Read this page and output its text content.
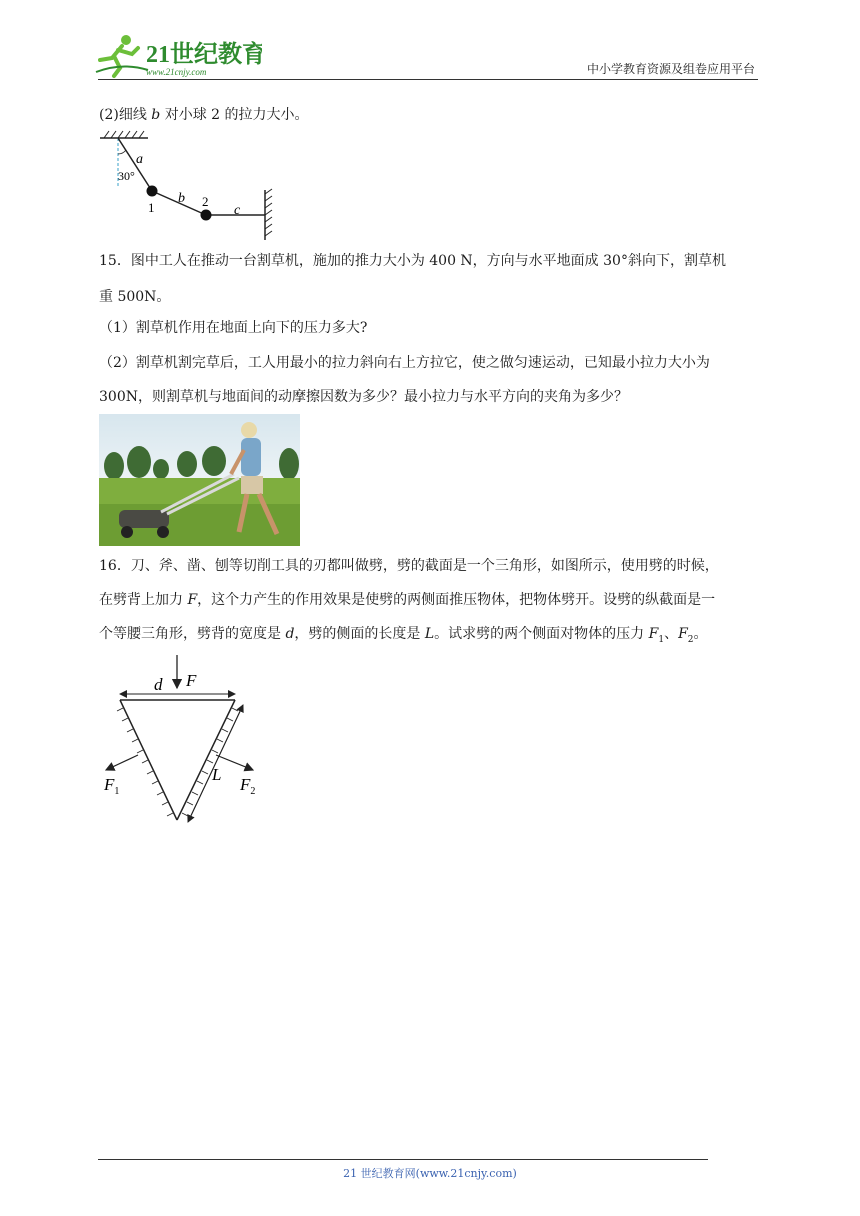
21世纪教育
www.21cnjy.com	中小学教育资源及组卷应用平台
(2)细线 b 对小球 2 的拉力大小。
a
30°
1
b 2
c
15．图中工人在推动一台割草机，施加的推力大小为 400 N，方向与水平地面成 30°斜向下，割草机
重 500N。
（1）割草机作用在地面上向下的压力多大?
（2）割草机割完草后，工人用最小的拉力斜向右上方拉它，使之做匀速运动，已知最小拉力大小为
300N，则割草机与地面间的动摩擦因数为多少？最小拉力与水平方向的夹角为多少？
16．刀、斧、凿、刨等切削工具的刃都叫做劈，劈的截面是一个三角形，如图所示，使用劈的时候，
在劈背上加力 F，这个力产生的作用效果是使劈的两侧面推压物体，把物体劈开。设劈的纵截面是一
个等腰三角形，劈背的宽度是 d，劈的侧面的长度是 L。试求劈的两个侧面对物体的压力 $F_1$、$F_2$。
d F
L
$F_1$	$F_2$
21 世纪教育网(www.21cnjy.com)
